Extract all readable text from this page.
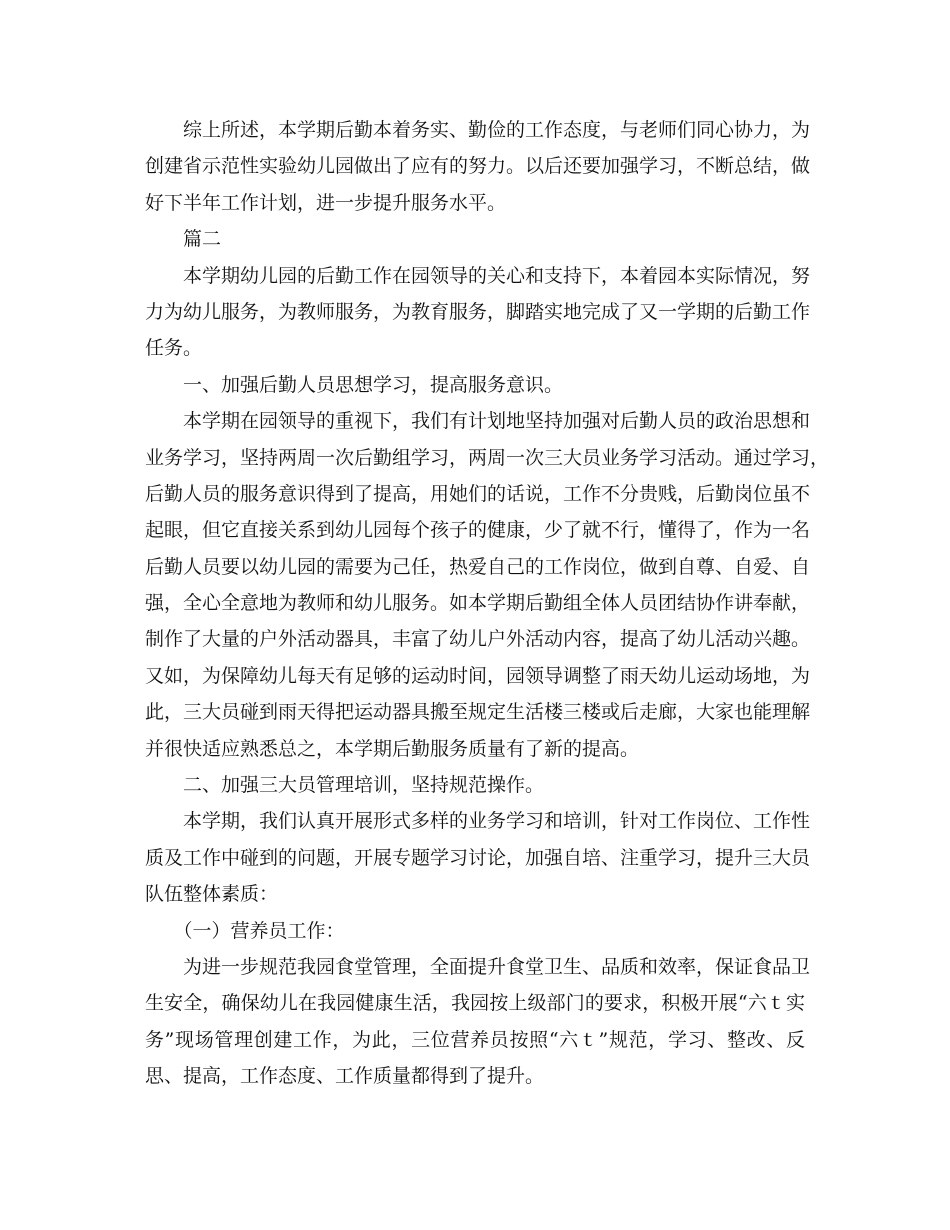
　　综上所述，本学期后勤本着务实、勤俭的工作态度，与老师们同心协力，为
创建省示范性实验幼儿园做出了应有的努力。以后还要加强学习，不断总结，做
好下半年工作计划，进一步提升服务水平。
　　篇二
　　本学期幼儿园的后勤工作在园领导的关心和支持下，本着园本实际情况，努
力为幼儿服务，为教师服务，为教育服务，脚踏实地完成了又一学期的后勤工作
任务。
　　一、加强后勤人员思想学习，提高服务意识。
　　本学期在园领导的重视下，我们有计划地坚持加强对后勤人员的政治思想和
业务学习，坚持两周一次后勤组学习，两周一次三大员业务学习活动。通过学习，
后勤人员的服务意识得到了提高，用她们的话说，工作不分贵贱，后勤岗位虽不
起眼，但它直接关系到幼儿园每个孩子的健康，少了就不行，懂得了，作为一名
后勤人员要以幼儿园的需要为己任，热爱自己的工作岗位，做到自尊、自爱、自
强，全心全意地为教师和幼儿服务。如本学期后勤组全体人员团结协作讲奉献，
制作了大量的户外活动器具，丰富了幼儿户外活动内容，提高了幼儿活动兴趣。
又如，为保障幼儿每天有足够的运动时间，园领导调整了雨天幼儿运动场地，为
此，三大员碰到雨天得把运动器具搬至规定生活楼三楼或后走廊，大家也能理解
并很快适应熟悉总之，本学期后勤服务质量有了新的提高。
　　二、加强三大员管理培训，坚持规范操作。
　　本学期，我们认真开展形式多样的业务学习和培训，针对工作岗位、工作性
质及工作中碰到的问题，开展专题学习讨论，加强自培、注重学习，提升三大员
队伍整体素质：
　　（一）营养员工作：
　　为进一步规范我园食堂管理，全面提升食堂卫生、品质和效率，保证食品卫
生安全，确保幼儿在我园健康生活，我园按上级部门的要求，积极开展“六ｔ实
务”现场管理创建工作，为此，三位营养员按照“六ｔ”规范，学习、整改、反
思、提高，工作态度、工作质量都得到了提升。
